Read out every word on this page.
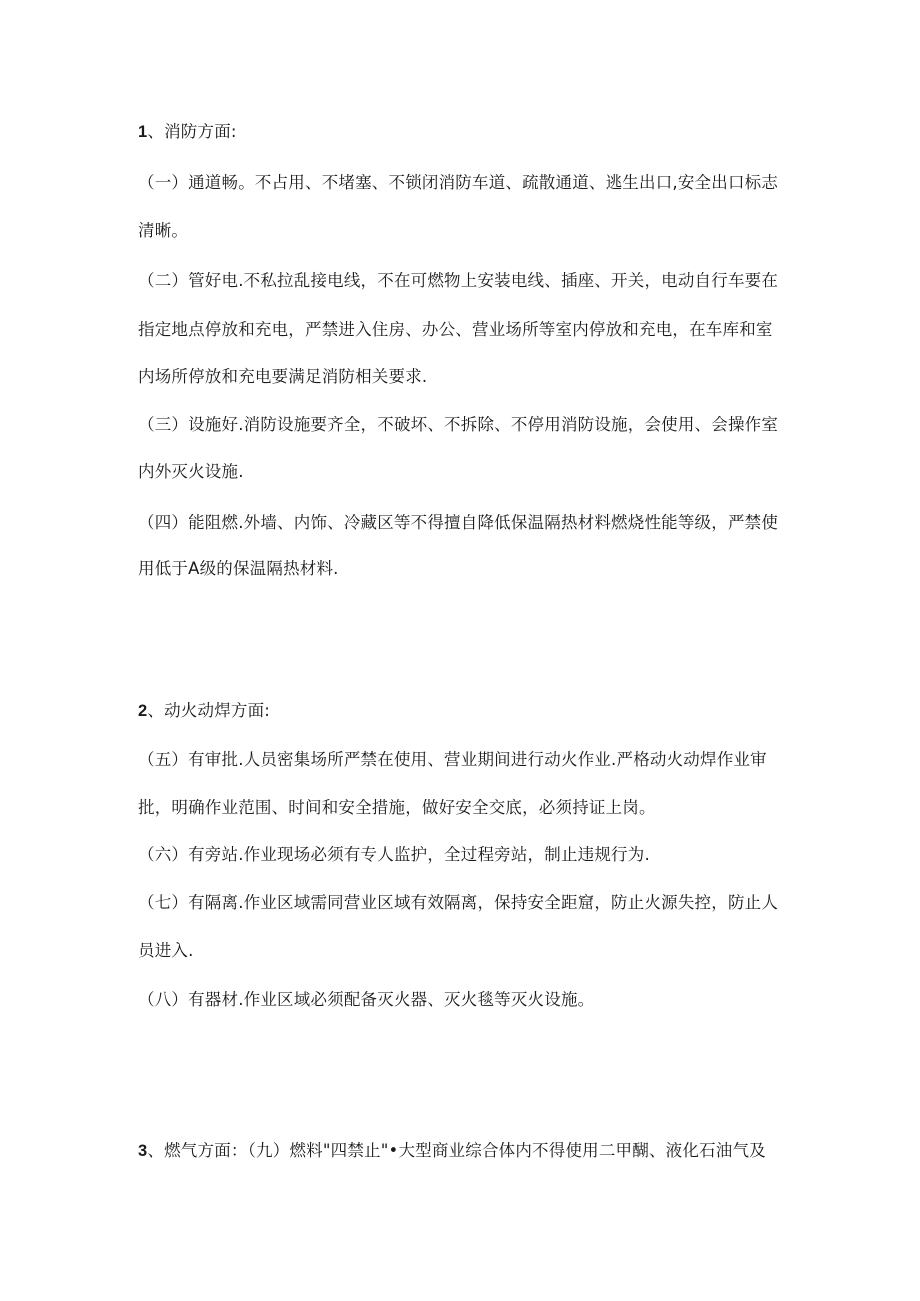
1、消防方面:
（一）通道畅。不占用、不堵塞、不锁闭消防车道、疏散通道、逃生出口,安全出口标志
清晰。
（二）管好电.不私拉乱接电线，不在可燃物上安装电线、插座、开关，电动自行车要在
指定地点停放和充电，严禁进入住房、办公、营业场所等室内停放和充电，在车库和室
内场所停放和充电要满足消防相关要求.
（三）设施好.消防设施要齐全，不破坏、不拆除、不停用消防设施，会使用、会操作室
内外灭火设施.
（四）能阻燃.外墙、内饰、冷藏区等不得擅自降低保温隔热材料燃烧性能等级，严禁使
用低于A级的保温隔热材料.
2、动火动焊方面:
（五）有审批.人员密集场所严禁在使用、营业期间进行动火作业.严格动火动焊作业审
批，明确作业范围、时间和安全措施，做好安全交底，必须持证上岗。
（六）有旁站.作业现场必须有专人监护，全过程旁站，制止违规行为.
（七）有隔离.作业区域需同营业区域有效隔离，保持安全距窟，防止火源失控，防止人
员进入.
（八）有器材.作业区域必须配备灭火器、灭火毯等灭火设施。
3、燃气方面：（九）燃料"四禁止"•大型商业综合体内不得使用二甲醐、液化石油气及
